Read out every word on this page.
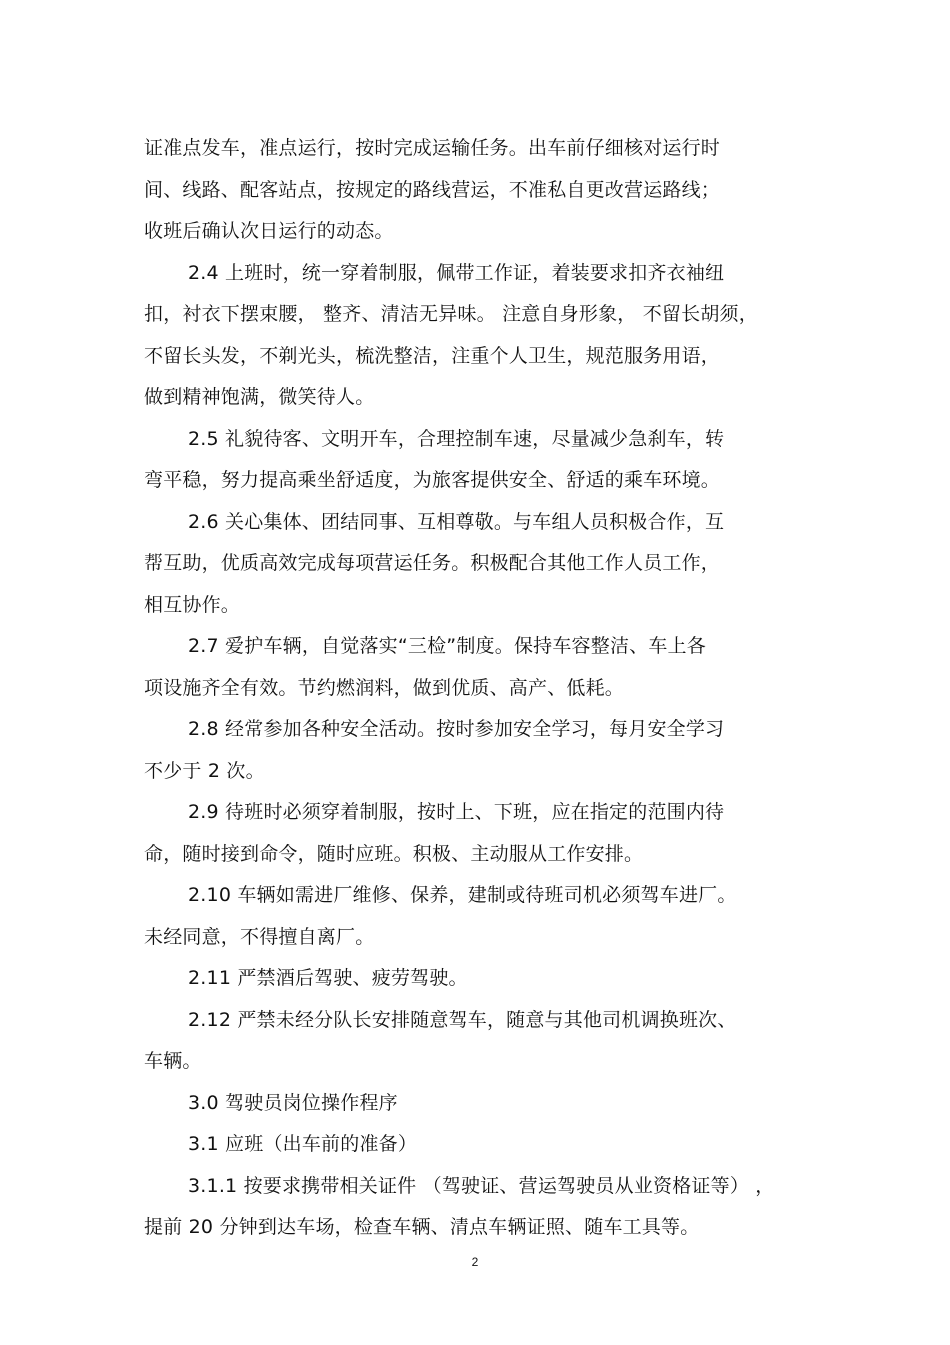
证准点发车，准点运行，按时完成运输任务。出车前仔细核对运行时
间、线路、配客站点，按规定的路线营运，不准私自更改营运路线；
收班后确认次日运行的动态。
2.4 上班时，统一穿着制服，佩带工作证，着装要求扣齐衣袖纽
扣，衬衣下摆束腰， 整齐、清洁无异味。 注意自身形象， 不留长胡须，
不留长头发，不剃光头，梳洗整洁，注重个人卫生，规范服务用语，
做到精神饱满，微笑待人。
2.5 礼貌待客、文明开车，合理控制车速，尽量减少急刹车，转
弯平稳，努力提高乘坐舒适度，为旅客提供安全、舒适的乘车环境。
2.6 关心集体、团结同事、互相尊敬。与车组人员积极合作，互
帮互助，优质高效完成每项营运任务。积极配合其他工作人员工作，
相互协作。
2.7 爱护车辆，自觉落实“三检”制度。保持车容整洁、车上各
项设施齐全有效。节约燃润料，做到优质、高产、低耗。
2.8 经常参加各种安全活动。按时参加安全学习，每月安全学习
不少于 2 次。
2.9 待班时必须穿着制服，按时上、下班，应在指定的范围内待
命，随时接到命令，随时应班。积极、主动服从工作安排。
2.10 车辆如需进厂维修、保养，建制或待班司机必须驾车进厂。
未经同意，不得擅自离厂。
2.11 严禁酒后驾驶、疲劳驾驶。
2.12 严禁未经分队长安排随意驾车，随意与其他司机调换班次、
车辆。
3.0 驾驶员岗位操作程序
3.1 应班（出车前的准备）
3.1.1 按要求携带相关证件 （驾驶证、营运驾驶员从业资格证等） ，
提前 20 分钟到达车场，检查车辆、清点车辆证照、随车工具等。
2
